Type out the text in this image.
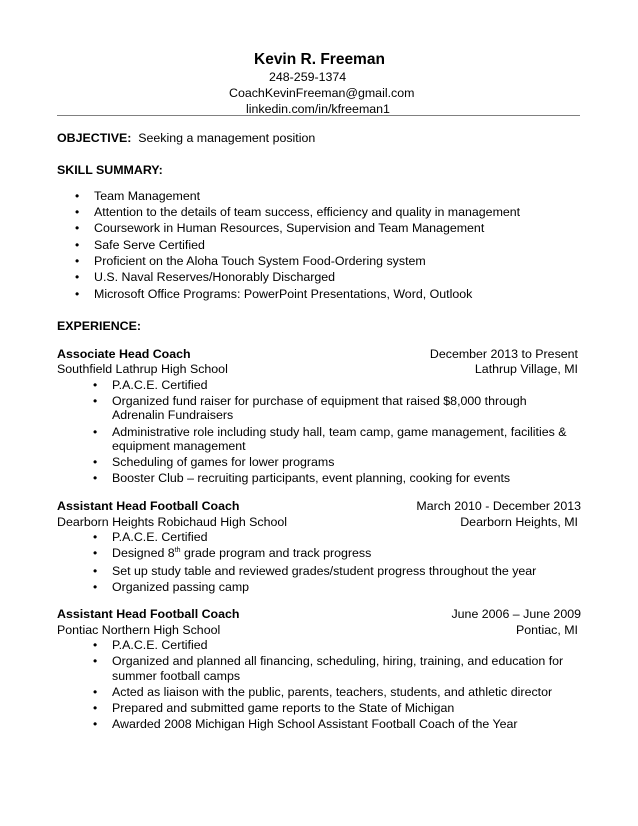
Kevin R. Freeman
248-259-1374
CoachKevinFreeman@gmail.com
linkedin.com/in/kfreeman1
OBJECTIVE: Seeking a management position
SKILL SUMMARY:
• Team Management
• Attention to the details of team success, efficiency and quality in management
• Coursework in Human Resources, Supervision and Team Management
• Safe Serve Certified
• Proficient on the Aloha Touch System Food-Ordering system
• U.S. Naval Reserves/Honorably Discharged
• Microsoft Office Programs: PowerPoint Presentations, Word, Outlook
EXPERIENCE:
Associate Head Coach	December 2013 to Present
Southfield Lathrup High School	Lathrup Village, MI
• P.A.C.E. Certified
• Organized fund raiser for purchase of equipment that raised $8,000 through
Adrenalin Fundraisers
• Administrative role including study hall, team camp, game management, facilities &
equipment management
• Scheduling of games for lower programs
• Booster Club – recruiting participants, event planning, cooking for events
Assistant Head Football Coach	March 2010 - December 2013
Dearborn Heights Robichaud High School	Dearborn Heights, MI
• P.A.C.E. Certified
• Designed 8th grade program and track progress
• Set up study table and reviewed grades/student progress throughout the year
• Organized passing camp
Assistant Head Football Coach	June 2006 – June 2009
Pontiac Northern High School	Pontiac, MI
• P.A.C.E. Certified
• Organized and planned all financing, scheduling, hiring, training, and education for
summer football camps
• Acted as liaison with the public, parents, teachers, students, and athletic director
• Prepared and submitted game reports to the State of Michigan
• Awarded 2008 Michigan High School Assistant Football Coach of the Year
